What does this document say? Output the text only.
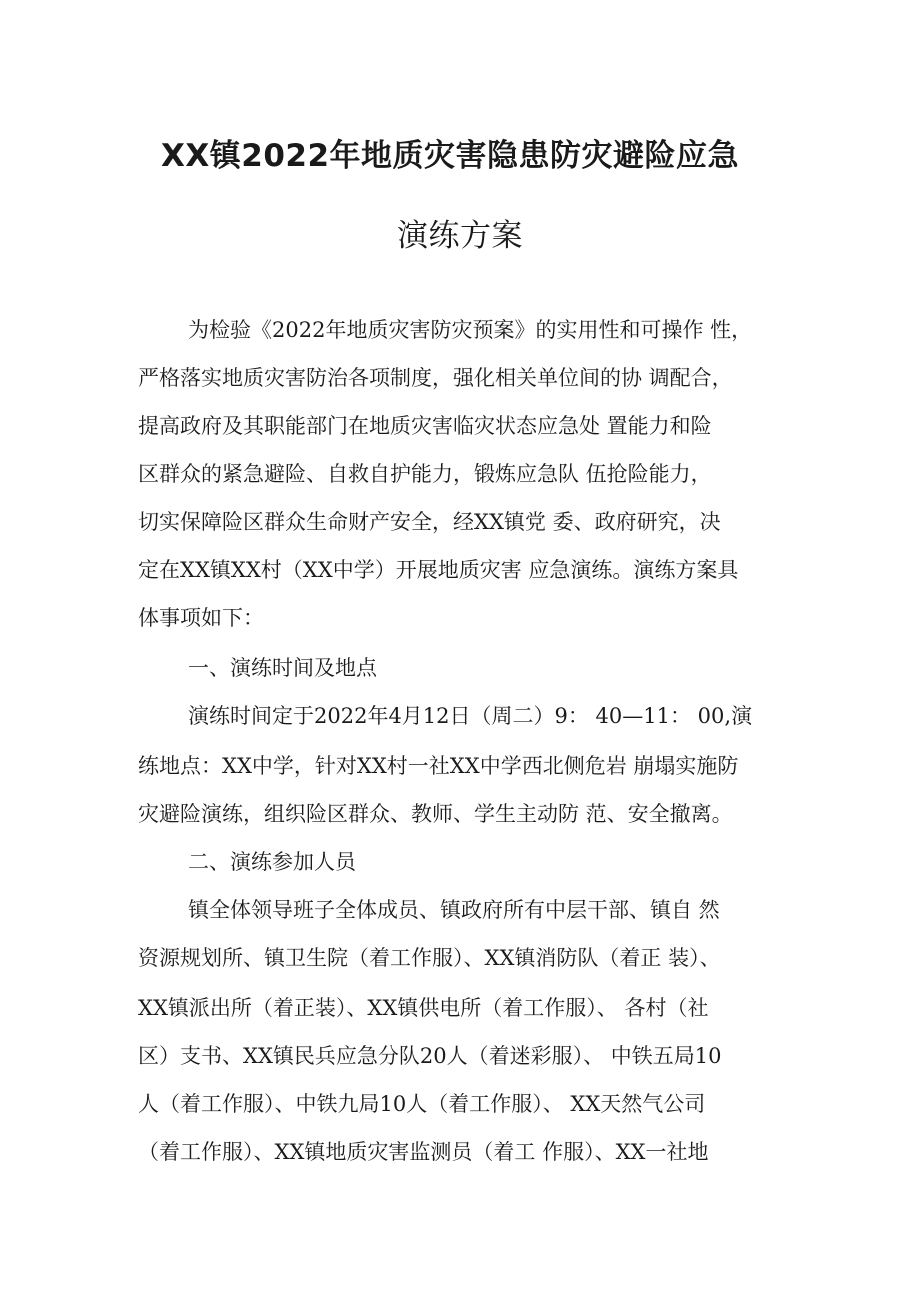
XX镇2022年地质灾害隐患防灾避险应急
演练方案
为检验《2022年地质灾害防灾预案》的实用性和可操作 性，
严格落实地质灾害防治各项制度，强化相关单位间的协 调配合，
提高政府及其职能部门在地质灾害临灾状态应急处 置能力和险
区群众的紧急避险、自救自护能力，锻炼应急队 伍抢险能力，
切实保障险区群众生命财产安全，经XX镇党 委、政府研究，决
定在XX镇XX村（XX中学）开展地质灾害 应急演练。演练方案具
体事项如下：
一、演练时间及地点
演练时间定于2022年4月12日（周二）9： 40—11： 00,演
练地点：XX中学，针对XX村一社XX中学西北侧危岩 崩塌实施防
灾避险演练，组织险区群众、教师、学生主动防 范、安全撤离。
二、演练参加人员
镇全体领导班子全体成员、镇政府所有中层干部、镇自 然
资源规划所、镇卫生院（着工作服）、XX镇消防队（着正 装）、
XX镇派出所（着正装）、XX镇供电所（着工作服）、 各村（社
区）支书、XX镇民兵应急分队20人（着迷彩服）、 中铁五局10
人（着工作服）、中铁九局10人（着工作服）、 XX天然气公司
（着工作服）、XX镇地质灾害监测员（着工 作服）、XX一社地
